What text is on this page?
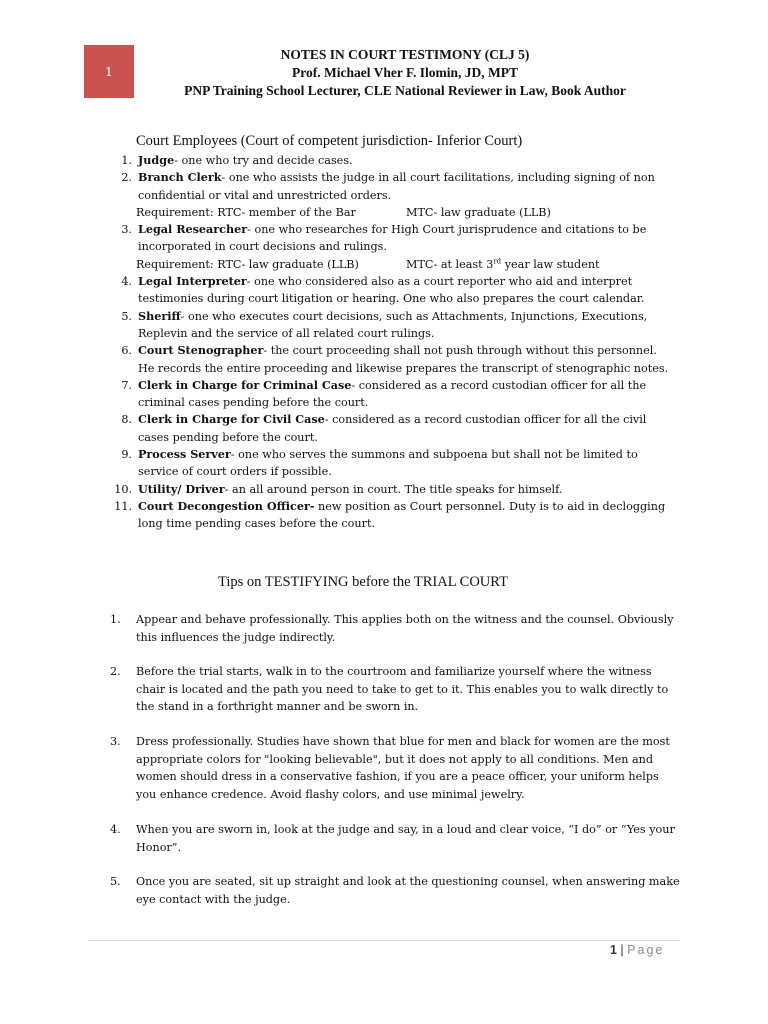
1
NOTES IN COURT TESTIMONY (CLJ 5)
Prof. Michael Vher F. Ilomin, JD, MPT
PNP Training School Lecturer, CLE National Reviewer in Law, Book Author
Court Employees (Court of competent jurisdiction- Inferior Court)
1. Judge- one who try and decide cases.
2. Branch Clerk- one who assists the judge in all court facilitations, including signing of non confidential or vital and unrestricted orders.
Requirement: RTC- member of the Bar	MTC- law graduate (LLB)
3. Legal Researcher- one who researches for High Court jurisprudence and citations to be incorporated in court decisions and rulings.
Requirement: RTC- law graduate (LLB)	MTC- at least 3rd year law student
4. Legal Interpreter- one who considered also as a court reporter who aid and interpret testimonies during court litigation or hearing. One who also prepares the court calendar.
5. Sheriff- one who executes court decisions, such as Attachments, Injunctions, Executions, Replevin and the service of all related court rulings.
6. Court Stenographer- the court proceeding shall not push through without this personnel. He records the entire proceeding and likewise prepares the transcript of stenographic notes.
7. Clerk in Charge for Criminal Case- considered as a record custodian officer for all the criminal cases pending before the court.
8. Clerk in Charge for Civil Case- considered as a record custodian officer for all the civil cases pending before the court.
9. Process Server- one who serves the summons and subpoena but shall not be limited to service of court orders if possible.
10. Utility/ Driver- an all around person in court. The title speaks for himself.
11. Court Decongestion Officer- new position as Court personnel. Duty is to aid in declogging long time pending cases before the court.
Tips on TESTIFYING before the TRIAL COURT
1. Appear and behave professionally. This applies both on the witness and the counsel. Obviously this influences the judge indirectly.
2. Before the trial starts, walk in to the courtroom and familiarize yourself where the witness chair is located and the path you need to take to get to it. This enables you to walk directly to the stand in a forthright manner and be sworn in.
3. Dress professionally. Studies have shown that blue for men and black for women are the most appropriate colors for "looking believable", but it does not apply to all conditions. Men and women should dress in a conservative fashion, if you are a peace officer, your uniform helps you enhance credence. Avoid flashy colors, and use minimal jewelry.
4. When you are sworn in, look at the judge and say, in a loud and clear voice, “I do” or “Yes your Honor”.
5. Once you are seated, sit up straight and look at the questioning counsel, when answering make eye contact with the judge.
1 | Page
